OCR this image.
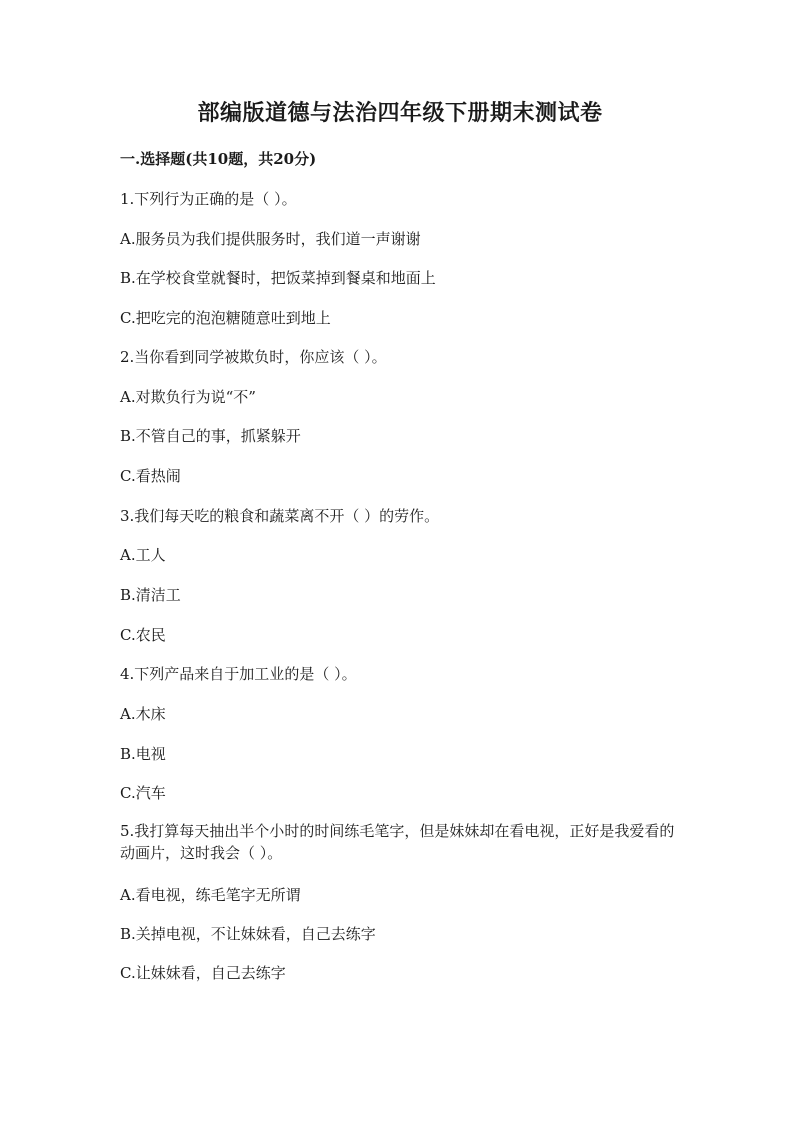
部编版道德与法治四年级下册期末测试卷
一.选择题(共10题，共20分)
1.下列行为正确的是（ ）。
A.服务员为我们提供服务时，我们道一声谢谢
B.在学校食堂就餐时，把饭菜掉到餐桌和地面上
C.把吃完的泡泡糖随意吐到地上
2.当你看到同学被欺负时，你应该（ ）。
A.对欺负行为说“不”
B.不管自己的事，抓紧躲开
C.看热闹
3.我们每天吃的粮食和蔬菜离不开（ ）的劳作。
A.工人
B.清洁工
C.农民
4.下列产品来自于加工业的是（ ）。
A.木床
B.电视
C.汽车
5.我打算每天抽出半个小时的时间练毛笔字，但是妹妹却在看电视，正好是我爱看的动画片，这时我会（ ）。
A.看电视，练毛笔字无所谓
B.关掉电视，不让妹妹看，自己去练字
C.让妹妹看，自己去练字
